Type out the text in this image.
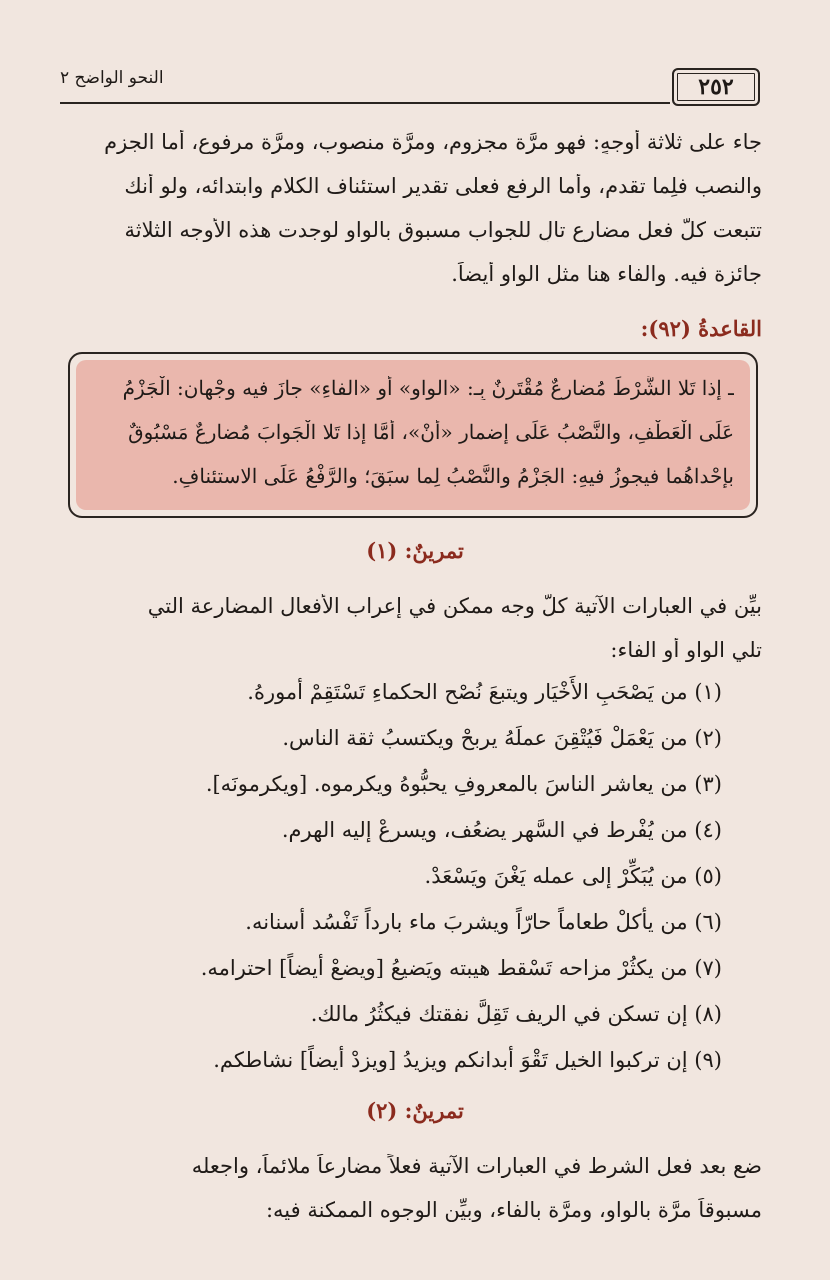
٢٥٢
النحو الواضح ٢
جاء على ثلاثة أوجهٍ: فهو مرَّة مجزوم، ومرَّة منصوب، ومرَّة مرفوع، أما الجزم
والنصب فلِما تقدم، وأما الرفع فعلى تقدير استئناف الكلام وابتدائه، ولو أنك
تتبعت كلَّ فعل مضارع تالٍ للجواب مسبوق بالواو لوجدت هذه الأوجه الثلاثة
جائزة فيه. والفاء هنا مثل الواو أيضاً.
القاعدةُ (٩٢):
ـ إذا تَلا الشَّرْطَ مُضارِعٌ مُقْتَرِنٌ بِـ: «الواوِ» أَوِ «الفاءِ» جازَ فيه وجْهانِ: الْجَزْمُ
عَلَى الْعَطْفِ، والنَّصْبُ عَلَى إِضمارِ «أَنْ»، أَمَّا إذا تَلا الْجَوابَ مُضارِعٌ مَسْبُوقٌ
بإِحْداهُما فيجوزُ فيهِ: الجَزْمُ والنَّصْبُ لِما سبَقَ؛ والرَّفْعُ عَلَى الاستئنافِ.
تمرينٌ: (١)
بيِّن في العبارات الآتية كلَّ وجه ممكن في إعراب الأفعال المضارعة التي
تلي الواو أو الفاء:
(١) من يَصْحَبِ الأَخْيَار ويتبعَ نُصْح الحكماءِ تَسْتَقِمْ أمورهُ.
(٢) من يَعْمَلْ فَيُتْقِنَ عملَهُ يربحْ ويكتسبُ ثقة الناس.
(٣) من يعاشر الناسَ بالمعروفِ يحبُّوهُ ويكرموه. [ويكرمونَه].
(٤) من يُفْرط في السَّهر يضعُف، ويسرعْ إليه الهرم.
(٥) من يُبَكِّرْ إلى عمله يَغْنَ ويَسْعَدْ.
(٦) من يأكلْ طعاماً حارّاً ويشربَ ماء بارداً تَفْسُد أسنانه.
(٧) من يكثُرْ مزاحه تَسْقط هيبته ويَضيعُ [ويضعْ أيضاً] احترامه.
(٨) إن تسكن في الريف تَقِلَّ نفقتك فيكثُرُ مالك.
(٩) إن تركبوا الخيل تَقْوَ أبدانكم ويزيدُ [ويزدْ أيضاً] نشاطكم.
تمرينٌ: (٢)
ضع بعد فعل الشرط في العبارات الآتية فعلاً مضارعاً ملائماً، واجعله
مسبوقاً مرَّة بالواو، ومرَّة بالفاء، وبيِّن الوجوه الممكنة فيه:
